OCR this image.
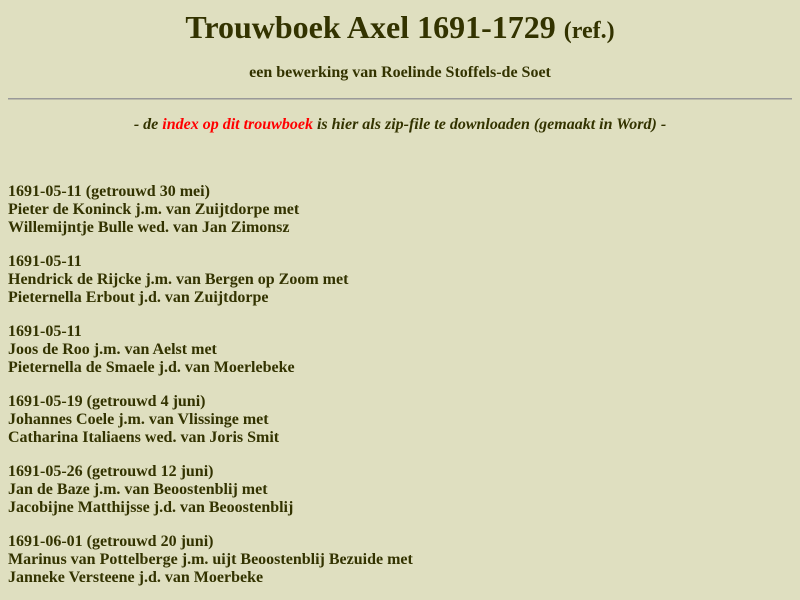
Trouwboek Axel 1691-1729 (ref.)

een bewerking van Roelinde Stoffels-de Soet

- de index op dit trouwboek is hier als zip-file te downloaden (gemaakt in Word) -

1691-05-11 (getrouwd 30 mei)
Pieter de Koninck j.m. van Zuijtdorpe met
Willemijntje Bulle wed. van Jan Zimonsz

1691-05-11
Hendrick de Rijcke j.m. van Bergen op Zoom met
Pieternella Erbout j.d. van Zuijtdorpe

1691-05-11
Joos de Roo j.m. van Aelst met
Pieternella de Smaele j.d. van Moerlebeke

1691-05-19 (getrouwd 4 juni)
Johannes Coele j.m. van Vlissinge met
Catharina Italiaens wed. van Joris Smit

1691-05-26 (getrouwd 12 juni)
Jan de Baze j.m. van Beoostenblij met
Jacobijne Matthijsse j.d. van Beoostenblij

1691-06-01 (getrouwd 20 juni)
Marinus van Pottelberge j.m. uijt Beoostenblij Bezuide met
Janneke Versteene j.d. van Moerbeke
